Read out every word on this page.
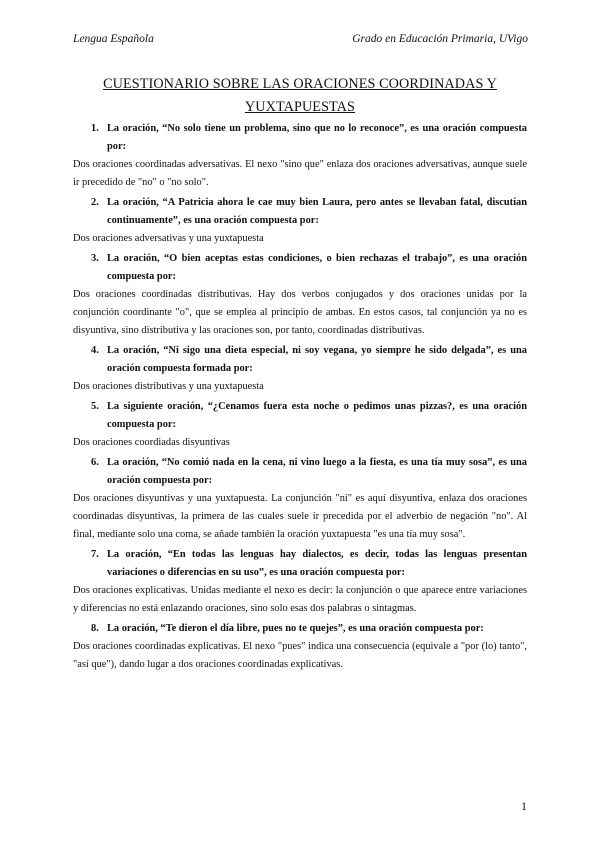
Lengua Española	Grado en Educación Primaria, UVigo
CUESTIONARIO SOBRE LAS ORACIONES COORDINADAS Y YUXTAPUESTAS

1. La oración, “No solo tiene un problema, sino que no lo reconoce”, es una oración compuesta por:

Dos oraciones coordinadas adversativas. El nexo "sino que" enlaza dos oraciones adversativas, aunque suele ir precedido de "no" o "no solo".

2. La oración, “A Patricia ahora le cae muy bien Laura, pero antes se llevaban fatal, discutían continuamente”, es una oración compuesta por:

Dos oraciones adversativas y una yuxtapuesta

3. La oración, “O bien aceptas estas condiciones, o bien rechazas el trabajo”, es una oración compuesta por:

Dos oraciones coordinadas distributivas. Hay dos verbos conjugados y dos oraciones unidas por la conjunción coordinante "o", que se emplea al principio de ambas. En estos casos, tal conjunción ya no es disyuntiva, sino distributiva y las oraciones son, por tanto, coordinadas distributivas.

4. La oración, “Ni sigo una dieta especial, ni soy vegana, yo siempre he sido delgada”, es una oración compuesta formada por:

Dos oraciones distributivas y una yuxtapuesta

5. La siguiente oración, “¿Cenamos fuera esta noche o pedimos unas pizzas?, es una oración compuesta por:

Dos oraciones coordiadas disyuntivas

6. La oración, “No comió nada en la cena, ni vino luego a la fiesta, es una tía muy sosa”, es una oración compuesta por:

Dos oraciones disyuntivas y una yuxtapuesta. La conjunción "ni" es aquí disyuntiva, enlaza dos oraciones coordinadas disyuntivas, la primera de las cuales suele ir precedida por el adverbio de negación "no". Al final, mediante solo una coma, se añade también la oración yuxtapuesta "es una tía muy sosa".

7. La oración, “En todas las lenguas hay dialectos, es decir, todas las lenguas presentan variaciones o diferencias en su uso”, es una oración compuesta por:

Dos oraciones explicativas. Unidas mediante el nexo es decir: la conjunción o que aparece entre variaciones y diferencias no está enlazando oraciones, sino solo esas dos palabras o sintagmas.

8. La oración, “Te dieron el día libre, pues no te quejes”, es una oración compuesta por:

Dos oraciones coordinadas explicativas. El nexo "pues" indica una consecuencia (equivale a "por (lo) tanto", "así que"), dando lugar a dos oraciones coordinadas explicativas.

1
